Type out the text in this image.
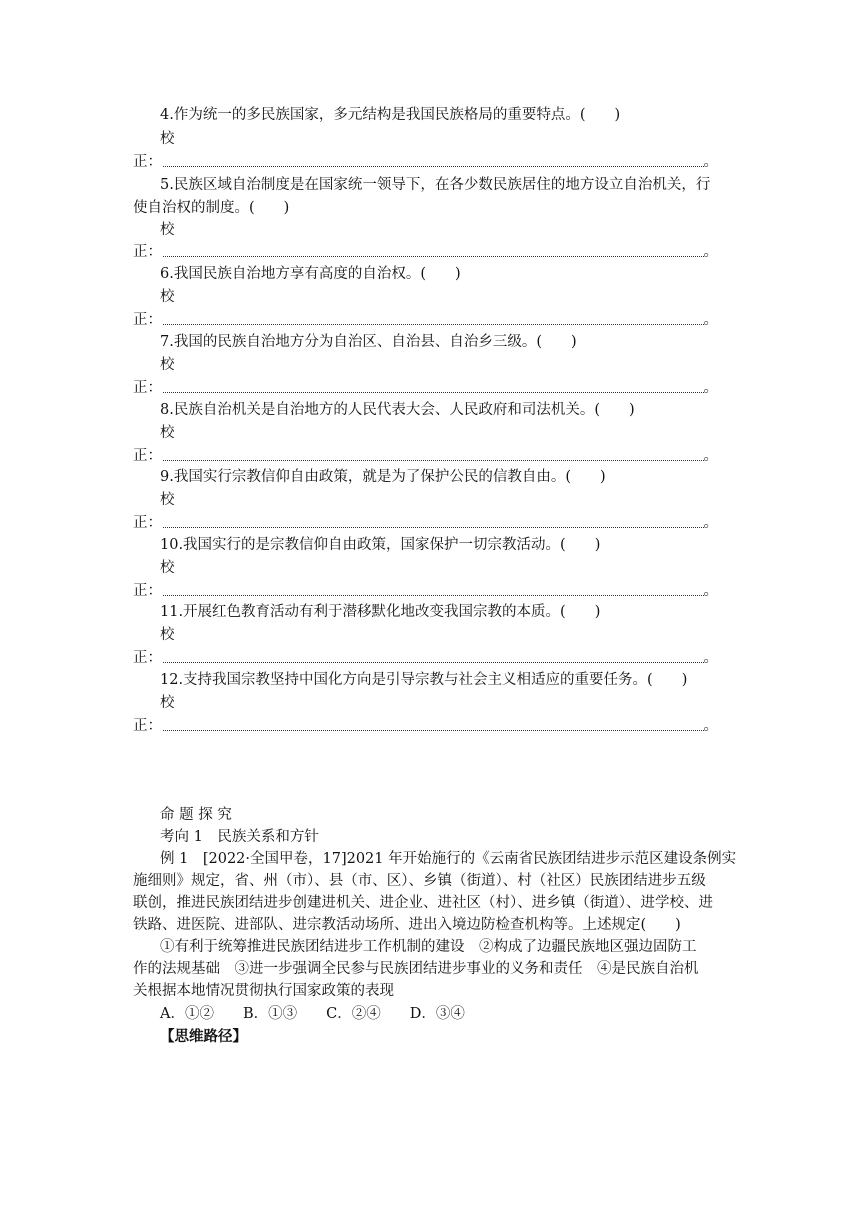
4.作为统一的多民族国家，多元结构是我国民族格局的重要特点。(　　)
校
正：	。
5.民族区域自治制度是在国家统一领导下，在各少数民族居住的地方设立自治机关，行
使自治权的制度。(　　)
校
正：	。
6.我国民族自治地方享有高度的自治权。(　　)
校
正：	。
7.我国的民族自治地方分为自治区、自治县、自治乡三级。(　　)
校
正：	。
8.民族自治机关是自治地方的人民代表大会、人民政府和司法机关。(　　)
校
正：	。
9.我国实行宗教信仰自由政策，就是为了保护公民的信教自由。(　　)
校
正：	。
10.我国实行的是宗教信仰自由政策，国家保护一切宗教活动。(　　)
校
正：	。
11.开展红色教育活动有利于潜移默化地改变我国宗教的本质。(　　)
校
正：	。
12.支持我国宗教坚持中国化方向是引导宗教与社会主义相适应的重要任务。(　　)
校
正：	。
命 题 探 究
考向 1　民族关系和方针
例 1　[2022·全国甲卷，17]2021 年开始施行的《云南省民族团结进步示范区建设条例实
施细则》规定，省、州（市）、县（市、区）、乡镇（街道）、村（社区）民族团结进步五级
联创，推进民族团结进步创建进机关、进企业、进社区（村）、进乡镇（街道）、进学校、进
铁路、进医院、进部队、进宗教活动场所、进出入境边防检查机构等。上述规定(　　)
①有利于统筹推进民族团结进步工作机制的建设　②构成了边疆民族地区强边固防工
作的法规基础　③进一步强调全民参与民族团结进步事业的义务和责任　④是民族自治机
关根据本地情况贯彻执行国家政策的表现
A．①②　　B．①③　　C．②④　　D．③④
【思维路径】
